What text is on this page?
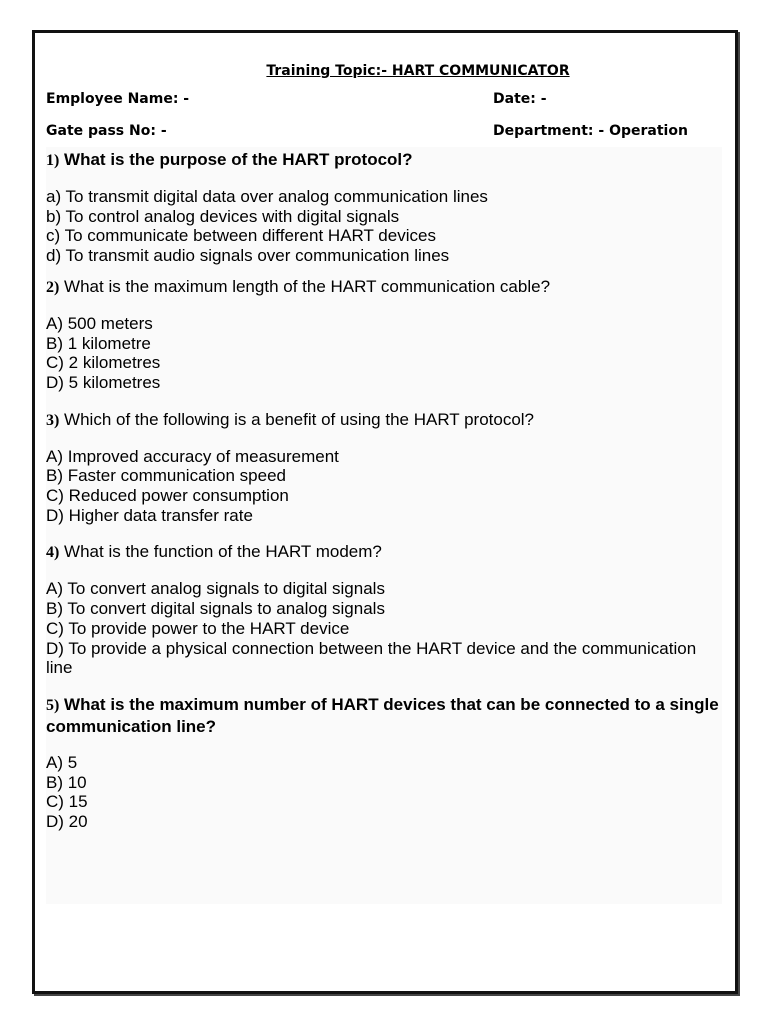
Training Topic:- HART COMMUNICATOR
Employee Name: -	Date: -
Gate pass No: -	Department: - Operation
1) What is the purpose of the HART protocol?
a) To transmit digital data over analog communication lines
b) To control analog devices with digital signals
c) To communicate between different HART devices
d) To transmit audio signals over communication lines
2) What is the maximum length of the HART communication cable?
A) 500 meters
B) 1 kilometre
C) 2 kilometres
D) 5 kilometres
3) Which of the following is a benefit of using the HART protocol?
A) Improved accuracy of measurement
B) Faster communication speed
C) Reduced power consumption
D) Higher data transfer rate
4) What is the function of the HART modem?
A) To convert analog signals to digital signals
B) To convert digital signals to analog signals
C) To provide power to the HART device
D) To provide a physical connection between the HART device and the communication line
5) What is the maximum number of HART devices that can be connected to a single communication line?
A) 5
B) 10
C) 15
D) 20
